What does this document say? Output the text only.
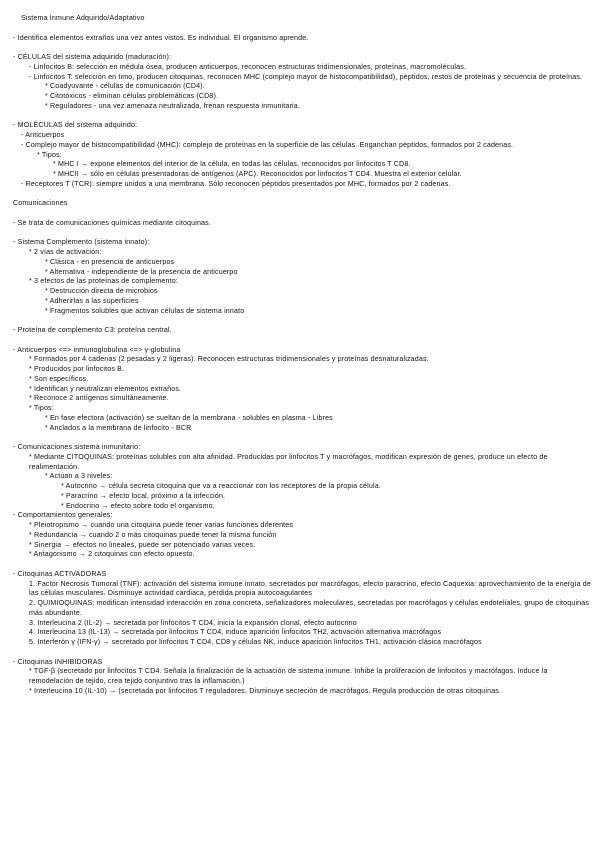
Sistema Inmune Adquirido/Adaptativo
- Identifica elementos extraños una vez antes vistos. Es individual. El organismo aprende.
- CÉLULAS del sistema adquirido (maduración):
- Linfocitos B: selección en médula ósea, producen anticuerpos, reconocen estructuras tridimensionales, proteínas, macromoléculas.
- Linfocitos T: selección en timo, producen citoquinas, reconocen MHC (complejo mayor de histocompatibilidad), péptidos, restos de proteínas y secuencia de proteínas.
* Coadyuvante - células de comunicación (CD4).
* Citotóxicos - eliminan células problemáticas (CD8).
* Reguladores - una vez amenaza neutralizada, frenan respuesta inmunitaria.
- MOLÉCULAS del sistema adquirido:
- Anticuerpos
- Complejo mayor de histocompatibilidad (MHC): complejo de proteínas en la superficie de las células. Enganchan péptidos, formados por 2 cadenas.
* Tipos:
* MHC I → expone elementos del interior de la célula, en todas las células, reconocidos por linfocitos T CD8.
* MHCII → sólo en células presentadoras de antígenos (APC). Reconocidos por linfocitos T CD4. Muestra el exterior celular.
- Receptores T (TCR): siempre unidos a una membrana. Sólo reconocen péptidos presentados por MHC, formados por 2 cadenas.
Comunicaciones
- Se trata de comunicaciones químicas mediante citoquinas.
- Sistema Complemento (sistema innato):
* 2 vías de activación:
* Clásica - en presencia de anticuerpos
* Alternativa - independiente de la presencia de anticuerpo
* 3 efectos de las proteínas de complemento:
* Destrucción directa de microbios
* Adherirlas a las superficies
* Fragmentos solubles que activan células de sistema innato
- Proteína de complemento C3: proteína central.
- Anticuerpos <=> inmunoglobulina <=> γ-globulina
* Formados por 4 cadenas (2 pesadas y 2 ligeras). Reconocen estructuras tridimensionales y proteínas desnaturalizadas.
* Producidos por linfocitos B.
* Son específicos.
* Identifican y neutralizan elementos extraños.
* Reconoce 2 antígenos simultáneamente.
* Tipos:
* En fase efectora (activación) se sueltan de la membrana - solubles en plasma - Libres
* Anclados a la membrana de linfocito - BCR
- Comunicaciones sistema inmunitario:
* Mediante CITOQUINAS: proteínas solubles con alta afinidad. Producidas por linfocitos T y macrófagos, modifican expresión de genes, produce un efecto de realimentación.
* Actúan a 3 niveles:
* Autocrino → célula secreta citoquina que va a reaccionar con los receptores de la propia célula.
* Paracrino → efecto local, próximo a la infección.
* Endocrino → efecto sobre todo el organismo.
- Comportamientos generales:
* Pleiotropismo → cuando una citoquina puede tener varias funciones diferentes
* Redundancia → cuando 2 o más citoquinas puede tener la misma función
* Sinergia → efectos no lineales, puede ser potenciado varias veces.
* Antagonismo → 2 citoquinas con efecto opuesto.
- Citoquinas ACTIVADORAS
1. Factor Necrosis Tumoral (TNF): activación del sistema inmune innato, secretados por macrófagos, efecto paracrino, efecto Caquexia: aprovechamiento de la energía de las células musculares. Disminuye actividad cardiaca, pérdida propia autocoagulantes
2. QUIMIOQUINAS: modifican intensidad interacción en zona concreta, señalizadores moleculares, secretadas por macrófagos y células endoteliales, grupo de citoquinas más abundante.
3. Interleucina 2 (IL-2) → secretada por linfocitos T CD4, inicia la expansión clonal, efecto autocrino
4. Interleucina 13 (IL-13) → secretada por linfocitos T CD4, induce aparición linfocitos TH2, activación alternativa macrófagos
5. Interferón γ (IFN-γ) → secretado por linfocitos T CD4, CD8 y células NK, induce aparición linfocitos TH1, activación clásica macrófagos
- Citoquinas INHIBIDORAS
* TGF-β (secretado por linfocitos T CD4. Señala la finalización de la actuación de sistema inmune. Inhibe la proliferación de linfocitos y macrófagos. Induce la remodelación de tejido, crea tejido conjuntivo tras la inflamación.)
* Interleucina 10 (IL-10) → (secretada por linfocitos T reguladores. Disminuye secreción de macrófagos. Regula producción de otras citoquinas.
